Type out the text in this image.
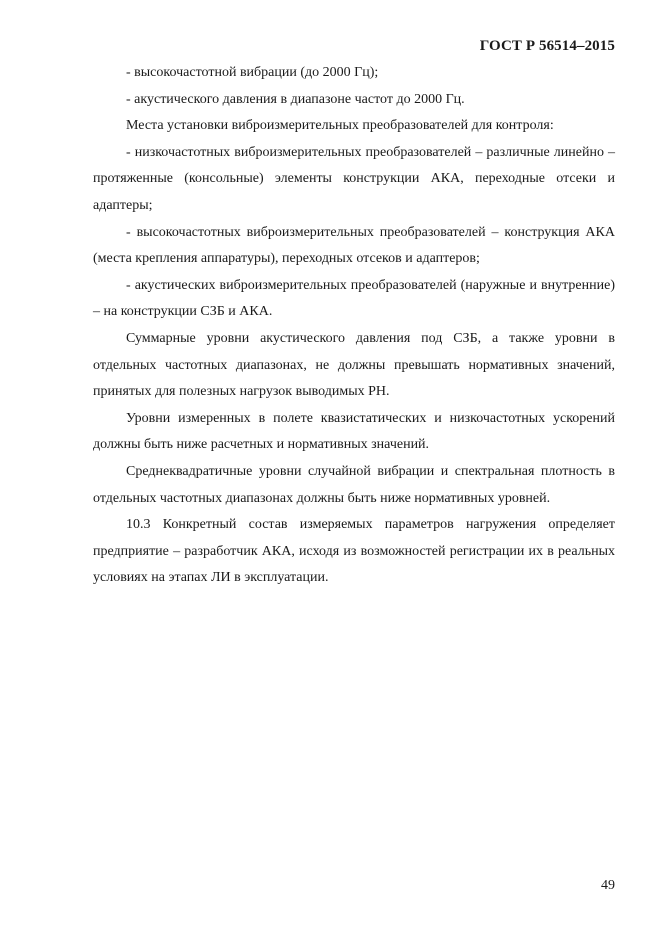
ГОСТ Р 56514–2015

- высокочастотной вибрации (до 2000 Гц);

- акустического давления в диапазоне частот до 2000 Гц.

Места установки виброизмерительных преобразователей для контроля:

- низкочастотных виброизмерительных преобразователей – различные линейно – протяженные (консольные) элементы конструкции АКА, переходные отсеки и адаптеры;

- высокочастотных виброизмерительных преобразователей – конструкция АКА (места крепления аппаратуры), переходных отсеков и адаптеров;

- акустических виброизмерительных преобразователей (наружные и внутренние) – на конструкции СЗБ и АКА.

Суммарные уровни акустического давления под СЗБ, а также уровни в отдельных частотных диапазонах, не должны превышать нормативных значений, принятых для полезных нагрузок выводимых РН.

Уровни измеренных в полете квазистатических и низкочастотных ускорений должны быть ниже расчетных и нормативных значений.

Среднеквадратичные уровни случайной вибрации и спектральная плотность в отдельных частотных диапазонах должны быть ниже нормативных уровней.

10.3 Конкретный состав измеряемых параметров нагружения определяет предприятие – разработчик АКА, исходя из возможностей регистрации их в реальных условиях на этапах ЛИ в эксплуатации.

49
